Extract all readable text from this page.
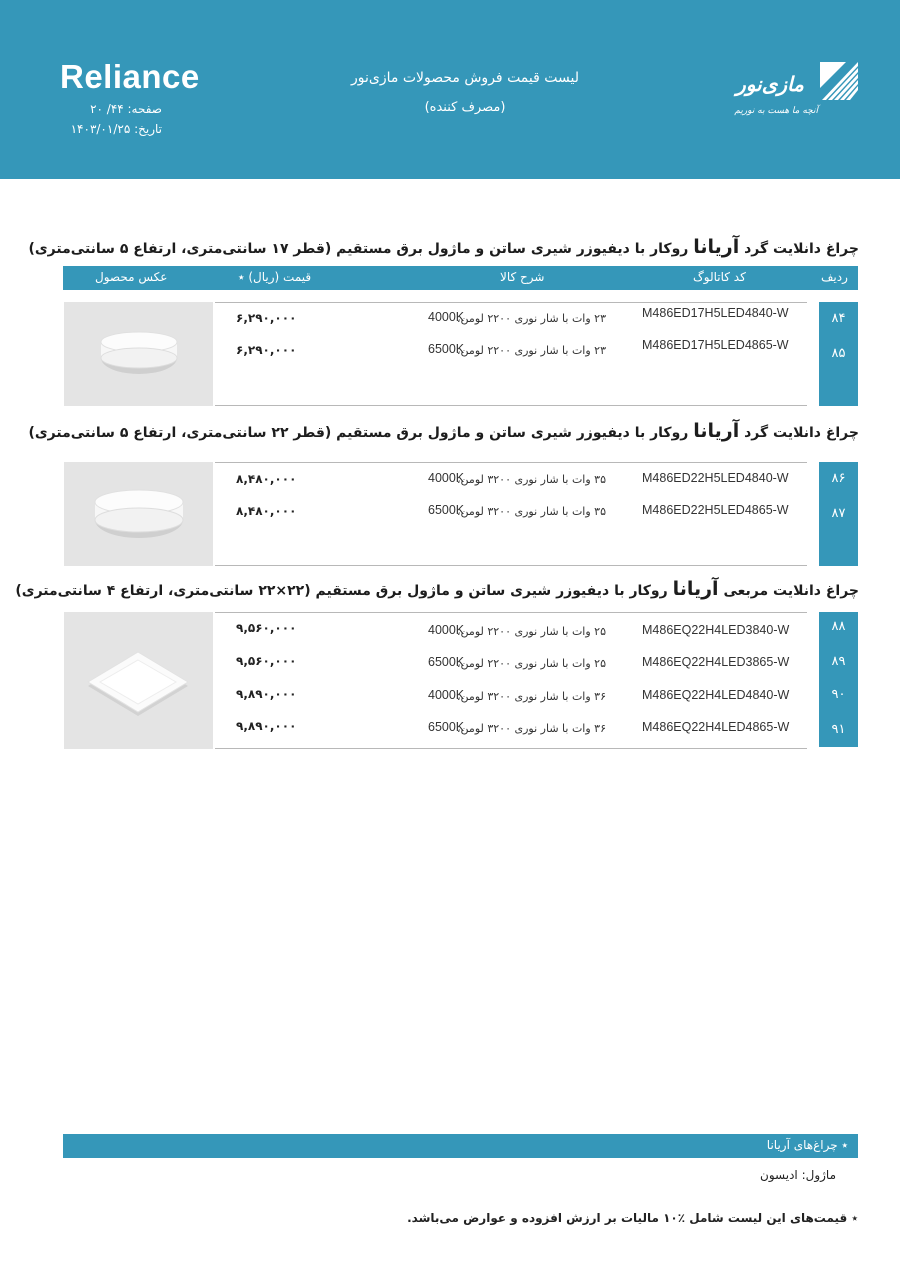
Reliance
صفحه: ۴۴/ ۲۰
تاریخ: ۱۴۰۳/۰۱/۲۵
لیست قیمت فروش محصولات مازی‌نور
(مصرف کننده)
مازی‌نور
آنچه ما هست به نوریم
ردیف
کد کاتالوگ
شرح کالا
قیمت (ریال) ٭
عکس محصول
چراغ دانلایت گرد آریانا روکار با دیفیوزر شیری ساتن و ماژول برق مستقیم (قطر ۱۷ سانتی‌متری، ارتفاع ۵ سانتی‌متری)
۸۴
M486ED17H5LED4840-W
4000K
۲۳ وات با شار نوری ۲۲۰۰ لومن،
۶,۲۹۰,۰۰۰
۸۵
M486ED17H5LED4865-W
6500K
۲۳ وات با شار نوری ۲۲۰۰ لومن،
۶,۲۹۰,۰۰۰
چراغ دانلایت گرد آریانا روکار با دیفیوزر شیری ساتن و ماژول برق مستقیم (قطر ۲۲ سانتی‌متری، ارتفاع ۵ سانتی‌متری)
۸۶
M486ED22H5LED4840-W
4000K
۳۵ وات با شار نوری ۳۲۰۰ لومن،
۸,۴۸۰,۰۰۰
۸۷
M486ED22H5LED4865-W
6500K
۳۵ وات با شار نوری ۳۲۰۰ لومن،
۸,۴۸۰,۰۰۰
چراغ دانلایت مربعی آریانا روکار با دیفیوزر شیری ساتن و ماژول برق مستقیم (۲۲×۲۲ سانتی‌متری، ارتفاع ۴ سانتی‌متری)
۸۸
M486EQ22H4LED3840-W
4000K
۲۵ وات با شار نوری ۲۲۰۰ لومن،
۹,۵۶۰,۰۰۰
۸۹
M486EQ22H4LED3865-W
6500K
۲۵ وات با شار نوری ۲۲۰۰ لومن،
۹,۵۶۰,۰۰۰
۹۰
M486EQ22H4LED4840-W
4000K
۳۶ وات با شار نوری ۳۲۰۰ لومن،
۹,۸۹۰,۰۰۰
۹۱
M486EQ22H4LED4865-W
6500K
۳۶ وات با شار نوری ۳۲۰۰ لومن،
۹,۸۹۰,۰۰۰
٭ چراغ‌های آریانا
ماژول: ادیسون
٭ قیمت‌های این لیست شامل ٪۱۰ مالیات بر ارزش افزوده و عوارض می‌باشد.
